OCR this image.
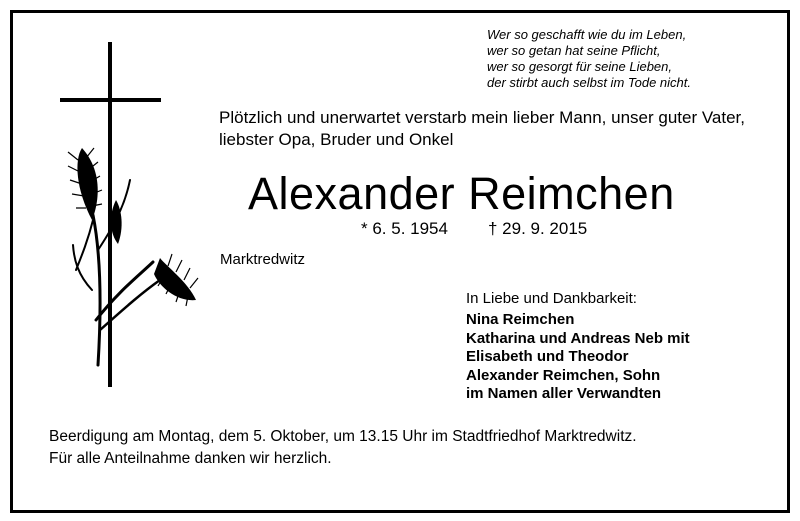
Wer so geschafft wie du im Leben,
wer so getan hat seine Pflicht,
wer so gesorgt für seine Lieben,
der stirbt auch selbst im Tode nicht.
Plötzlich und unerwartet verstarb mein lieber Mann, unser guter Vater, liebster Opa, Bruder und Onkel
Alexander Reimchen
* 6. 5. 1954 † 29. 9. 2015
Marktredwitz
In Liebe und Dankbarkeit:
Nina Reimchen
Katharina und Andreas Neb mit
Elisabeth und Theodor
Alexander Reimchen, Sohn
im Namen aller Verwandten
Beerdigung am Montag, dem 5. Oktober, um 13.15 Uhr im Stadtfriedhof Marktredwitz.
Für alle Anteilnahme danken wir herzlich.
